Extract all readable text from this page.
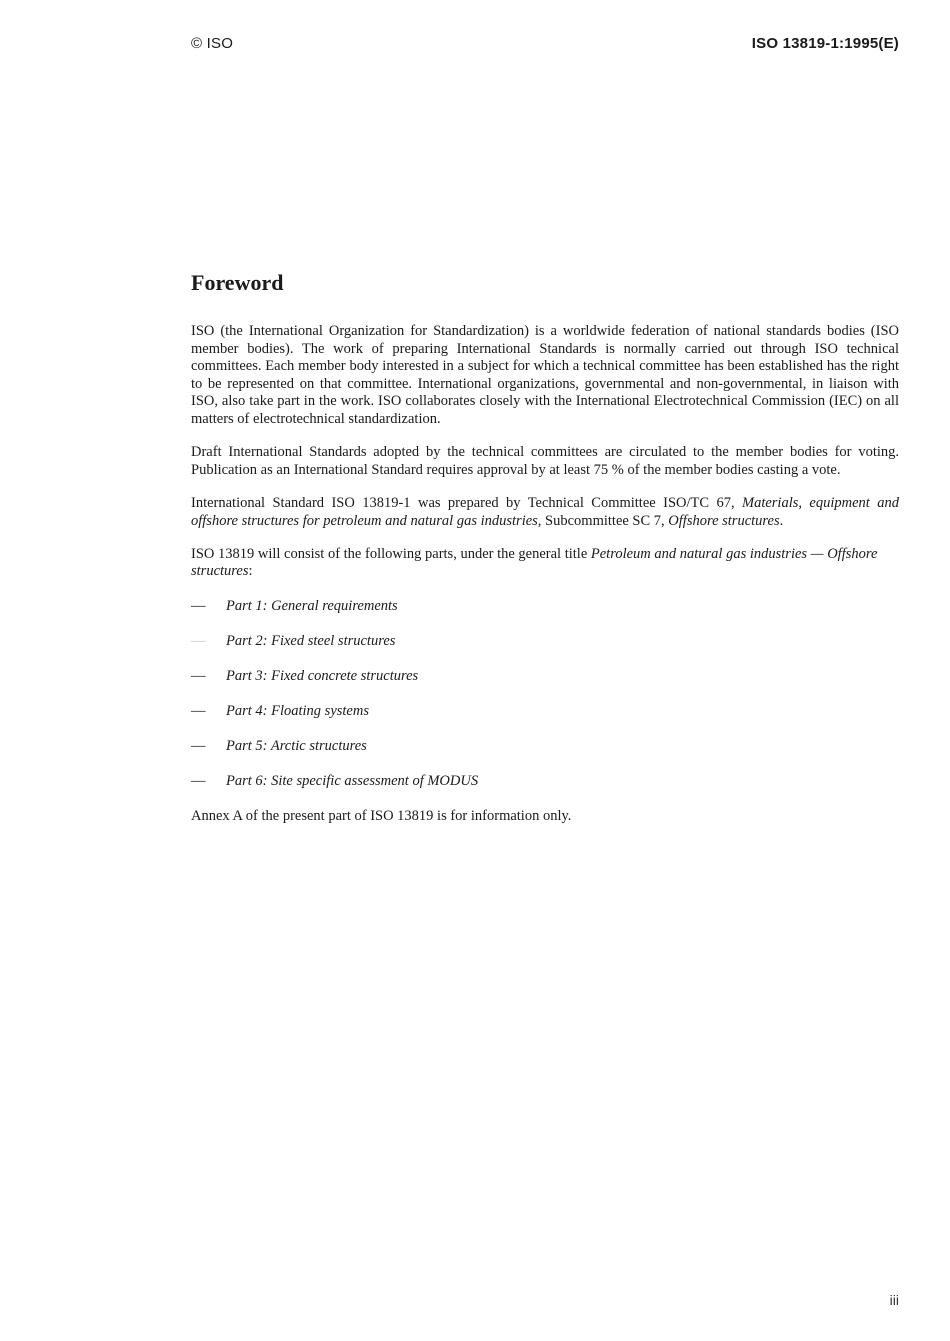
© ISO	ISO 13819-1:1995(E)
Foreword

ISO (the International Organization for Standardization) is a worldwide federation of national standards bodies (ISO member bodies). The work of preparing International Standards is normally carried out through ISO technical committees. Each member body interested in a subject for which a technical committee has been established has the right to be represented on that committee. International organizations, governmental and non-governmental, in liaison with ISO, also take part in the work. ISO collaborates closely with the International Electrotechnical Commission (IEC) on all matters of electrotechnical standardization.

Draft International Standards adopted by the technical committees are circulated to the member bodies for voting. Publication as an International Standard requires approval by at least 75 % of the member bodies casting a vote.

International Standard ISO 13819-1 was prepared by Technical Committee ISO/TC 67, Materials, equipment and offshore structures for petroleum and natural gas industries, Subcommittee SC 7, Offshore structures.

ISO 13819 will consist of the following parts, under the general title Petroleum and natural gas industries — Offshore structures:

—	Part 1: General requirements
—	Part 2: Fixed steel structures
—	Part 3: Fixed concrete structures
—	Part 4: Floating systems
—	Part 5: Arctic structures
—	Part 6: Site specific assessment of MODUS

Annex A of the present part of ISO 13819 is for information only.

iii
